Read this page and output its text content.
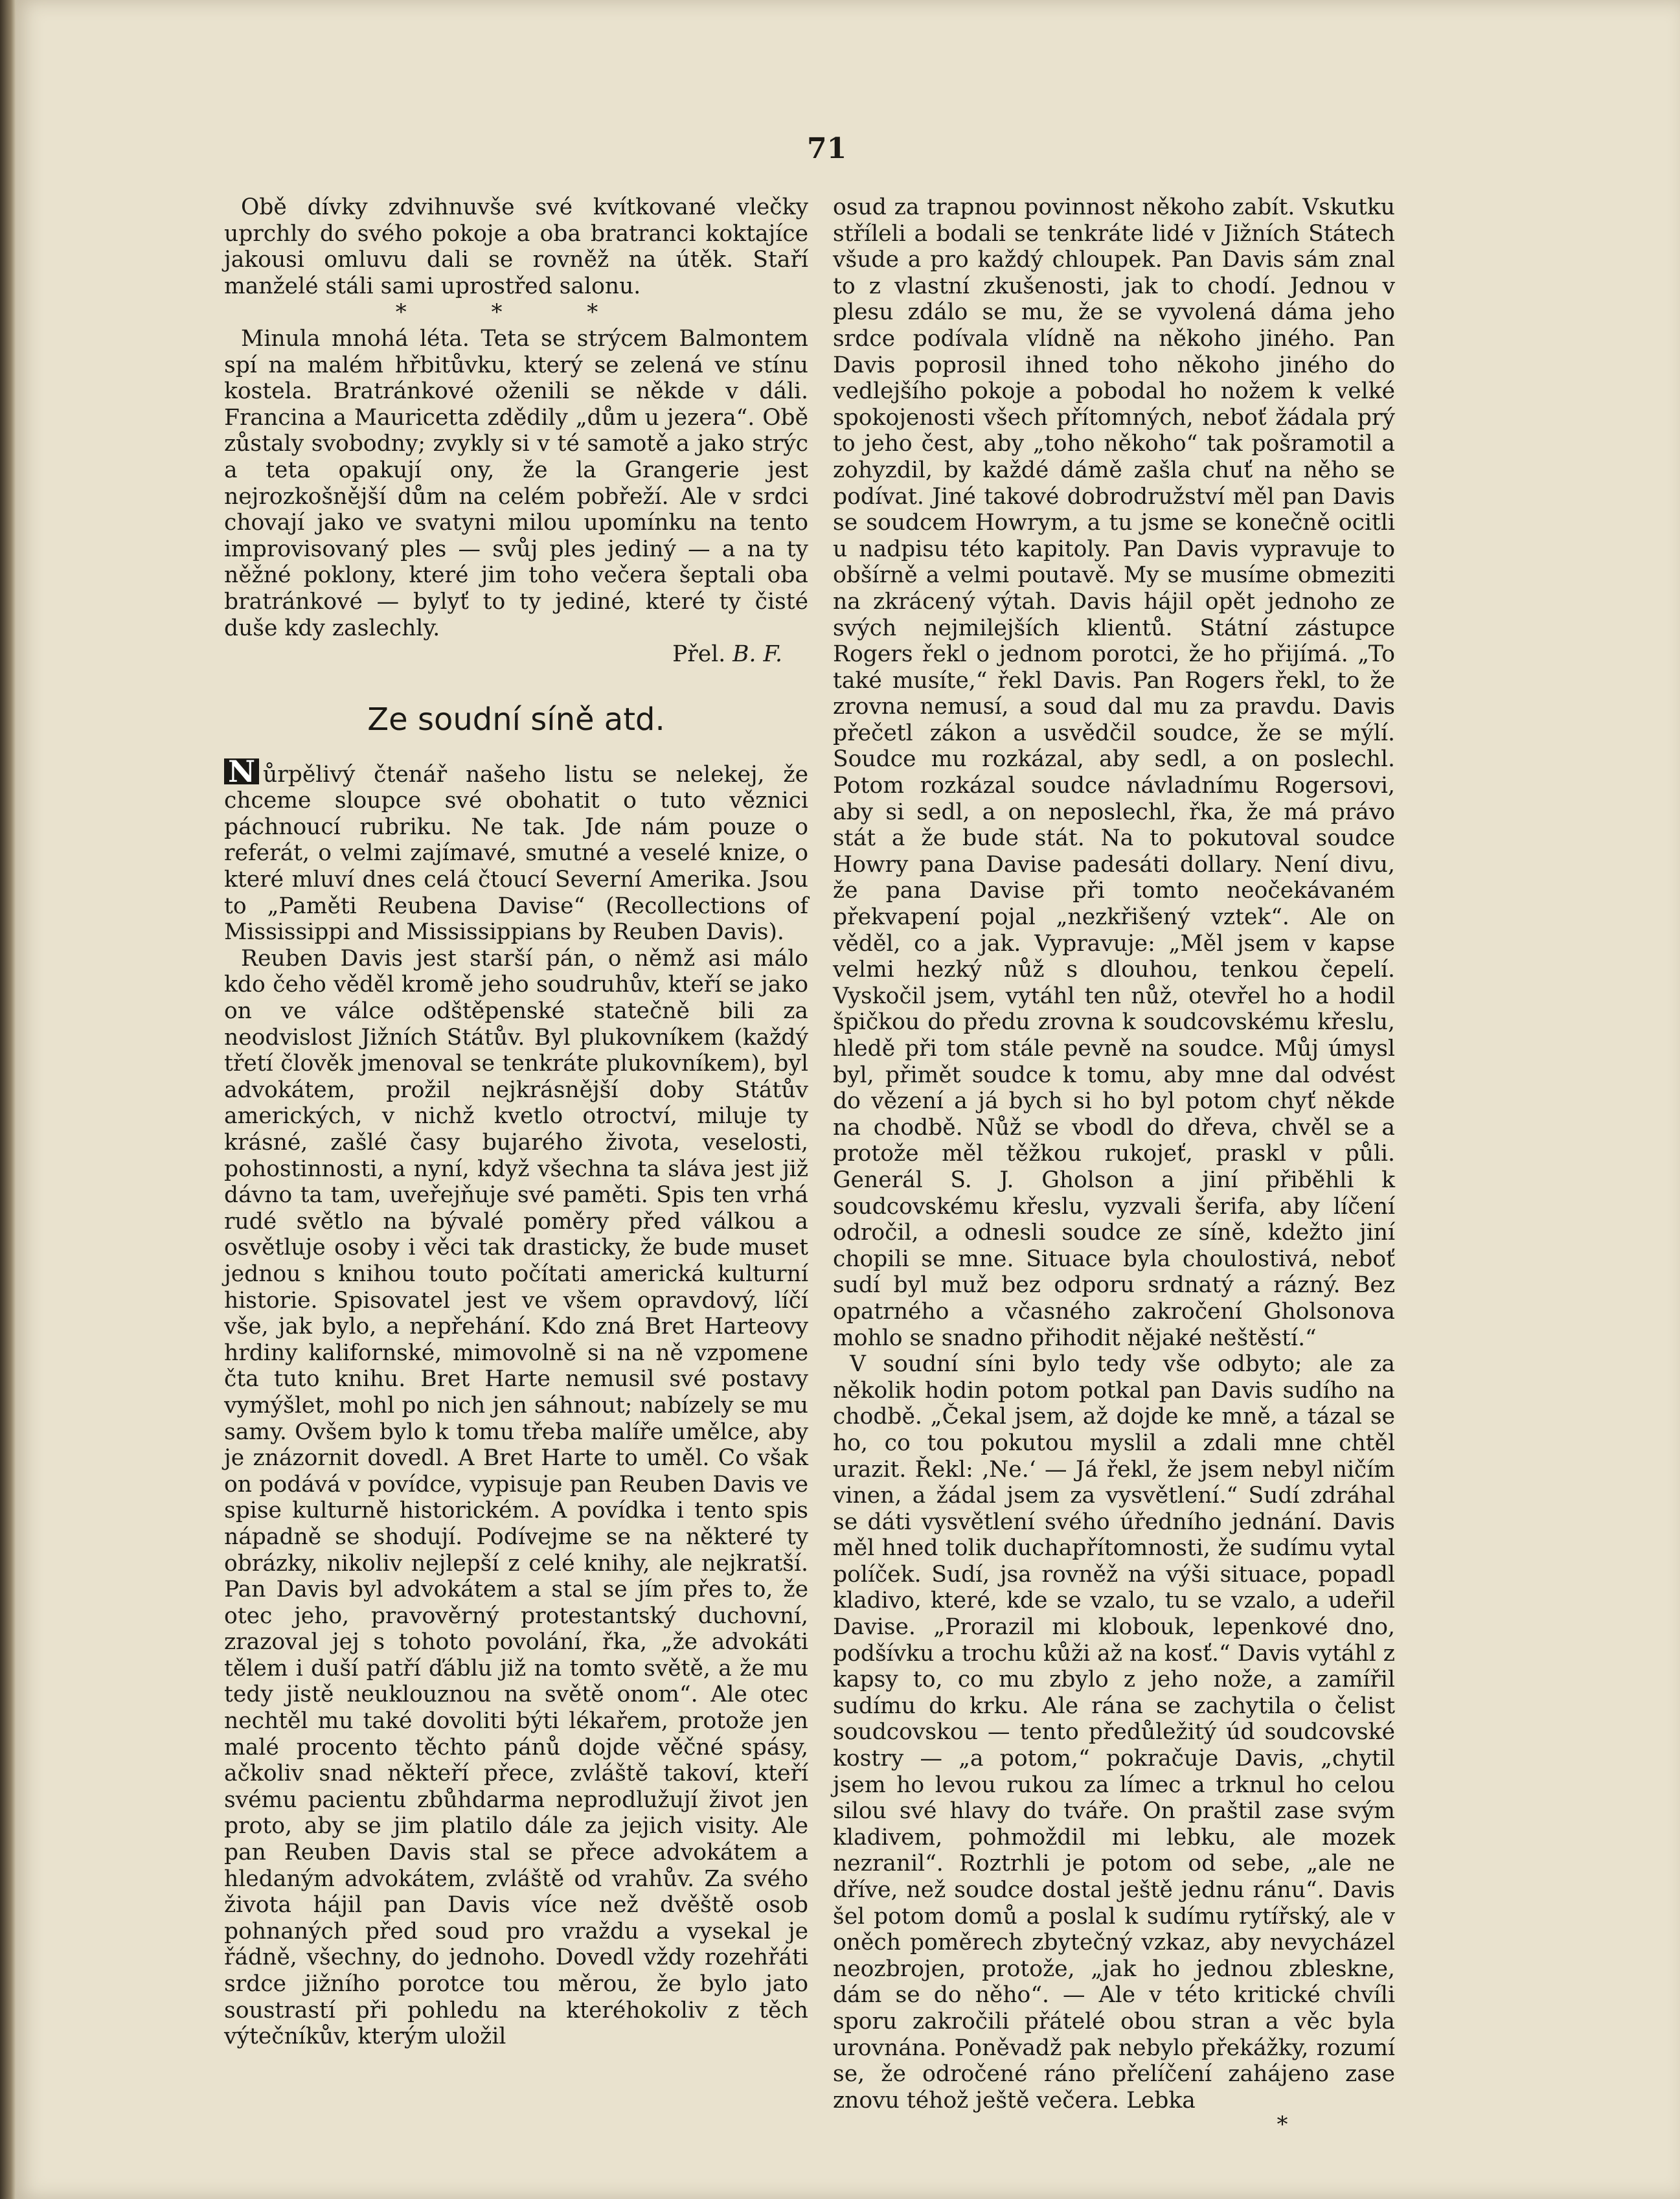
71

Obě dívky zdvihnuvše své kvítkované vlečky uprchly do svého pokoje a oba bratranci koktajíce jakousi omluvu dali se rovněž na útěk. Staří manželé stáli sami uprostřed salonu.

* * *

Minula mnohá léta. Teta se strýcem Balmontem spí na malém hřbitůvku, který se zelená ve stínu kostela. Bratránkové oženili se někde v dáli. Francina a Mauricetta zdědily „dům u jezera“. Obě zůstaly svobodny; zvykly si v té samotě a jako strýc a teta opakují ony, že la Grangerie jest nejrozkošnější dům na celém pobřeží. Ale v srdci chovají jako ve svatyni milou upomínku na tento improvisovaný ples — svůj ples jediný — a na ty něžné poklony, které jim toho večera šeptali oba bratránkové — bylyť to ty jediné, které ty čisté duše kdy zaslechly.

Přel. B. F.

Ze soudní síně atd.

N ůrpělivý čtenář našeho listu se nelekej, že chceme sloupce své obohatit o tuto věznici páchnoucí rubriku. Ne tak. Jde nám pouze o referát, o velmi zajímavé, smutné a veselé knize, o které mluví dnes celá čtoucí Severní Amerika. Jsou to „Paměti Reubena Davise“ (Recollections of Mississippi and Mississippians by Reuben Davis).

Reuben Davis jest starší pán, o němž asi málo kdo čeho věděl kromě jeho soudruhův, kteří se jako on ve válce odštěpenské statečně bili za neodvislost Jižních Státův. Byl plukovníkem (každý třetí člověk jmenoval se tenkráte plukovníkem), byl advokátem, prožil nejkrásnější doby Státův amerických, v nichž kvetlo otroctví, miluje ty krásné, zašlé časy bujarého života, veselosti, pohostinnosti, a nyní, když všechna ta sláva jest již dávno ta tam, uveřejňuje své paměti. Spis ten vrhá rudé světlo na bývalé poměry před válkou a osvětluje osoby i věci tak drasticky, že bude muset jednou s knihou touto počítati americká kulturní historie. Spisovatel jest ve všem opravdový, líčí vše, jak bylo, a nepřehání. Kdo zná Bret Harteovy hrdiny kalifornské, mimovolně si na ně vzpomene čta tuto knihu. Bret Harte nemusil své postavy vymýšlet, mohl po nich jen sáhnout; nabízely se mu samy. Ovšem bylo k tomu třeba malíře umělce, aby je znázornit dovedl. A Bret Harte to uměl. Co však on podává v povídce, vypisuje pan Reuben Davis ve spise kulturně historickém. A povídka i tento spis nápadně se shodují. Podívejme se na některé ty obrázky, nikoliv nejlepší z celé knihy, ale nejkratší. Pan Davis byl advokátem a stal se jím přes to, že otec jeho, pravověrný protestantský duchovní, zrazoval jej s tohoto povolání, řka, „že advokáti tělem i duší patří ďáblu již na tomto světě, a že mu tedy jistě neuklouznou na světě onom“. Ale otec nechtěl mu také dovoliti býti lékařem, protože jen malé procento těchto pánů dojde věčné spásy, ačkoliv snad někteří přece, zvláště takoví, kteří svému pacientu zbůhdarma neprodlužují život jen proto, aby se jim platilo dále za jejich visity. Ale pan Reuben Davis stal se přece advokátem a hledaným advokátem, zvláště od vrahův. Za svého života hájil pan Davis více než dvěště osob pohnaných před soud pro vraždu a vysekal je řádně, všechny, do jednoho. Dovedl vždy rozehřáti srdce jižního porotce tou měrou, že bylo jato soustrastí při pohledu na kteréhokoliv z těch výtečníkův, kterým uložil

osud za trapnou povinnost někoho zabít. Vskutku stříleli a bodali se tenkráte lidé v Jižních Státech všude a pro každý chloupek. Pan Davis sám znal to z vlastní zkušenosti, jak to chodí. Jednou v plesu zdálo se mu, že se vyvolená dáma jeho srdce podívala vlídně na někoho jiného. Pan Davis poprosil ihned toho někoho jiného do vedlejšího pokoje a pobodal ho nožem k velké spokojenosti všech přítomných, neboť žádala prý to jeho čest, aby „toho někoho“ tak pošramotil a zohyzdil, by každé dámě zašla chuť na něho se podívat. Jiné takové dobrodružství měl pan Davis se soudcem Howrym, a tu jsme se konečně ocitli u nadpisu této kapitoly. Pan Davis vypravuje to obšírně a velmi poutavě. My se musíme obmeziti na zkrácený výtah. Davis hájil opět jednoho ze svých nejmilejších klientů. Státní zástupce Rogers řekl o jednom porotci, že ho přijímá. „To také musíte,“ řekl Davis. Pan Rogers řekl, to že zrovna nemusí, a soud dal mu za pravdu. Davis přečetl zákon a usvědčil soudce, že se mýlí. Soudce mu rozkázal, aby sedl, a on poslechl. Potom rozkázal soudce návladnímu Rogersovi, aby si sedl, a on neposlechl, řka, že má právo stát a že bude stát. Na to pokutoval soudce Howry pana Davise padesáti dollary. Není divu, že pana Davise při tomto neočekávaném překvapení pojal „nezkřišený vztek“. Ale on věděl, co a jak. Vypravuje: „Měl jsem v kapse velmi hezký nůž s dlouhou, tenkou čepelí. Vyskočil jsem, vytáhl ten nůž, otevřel ho a hodil špičkou do předu zrovna k soudcovskému křeslu, hledě při tom stále pevně na soudce. Můj úmysl byl, přimět soudce k tomu, aby mne dal odvést do vězení a já bych si ho byl potom chyť někde na chodbě. Nůž se vbodl do dřeva, chvěl se a protože měl těžkou rukojeť, praskl v půli. Generál S. J. Gholson a jiní přiběhli k soudcovskému křeslu, vyzvali šerifa, aby líčení odročil, a odnesli soudce ze síně, kdežto jiní chopili se mne. Situace byla choulostivá, neboť sudí byl muž bez odporu srdnatý a rázný. Bez opatrného a včasného zakročení Gholsonova mohlo se snadno přihodit nějaké neštěstí.“

V soudní síni bylo tedy vše odbyto; ale za několik hodin potom potkal pan Davis sudího na chodbě. „Čekal jsem, až dojde ke mně, a tázal se ho, co tou pokutou myslil a zdali mne chtěl urazit. Řekl: ‚Ne.‘ — Já řekl, že jsem nebyl ničím vinen, a žádal jsem za vysvětlení.“ Sudí zdráhal se dáti vysvětlení svého úředního jednání. Davis měl hned tolik duchapřítomnosti, že sudímu vytal políček. Sudí, jsa rovněž na výši situace, popadl kladivo, které, kde se vzalo, tu se vzalo, a udeřil Davise. „Prorazil mi klobouk, lepenkové dno, podšívku a trochu kůži až na kosť.“ Davis vytáhl z kapsy to, co mu zbylo z jeho nože, a zamířil sudímu do krku. Ale rána se zachytila o čelist soudcovskou — tento předůležitý úd soudcovské kostry — „a potom,“ pokračuje Davis, „chytil jsem ho levou rukou za límec a trknul ho celou silou své hlavy do tváře. On praštil zase svým kladivem, pohmoždil mi lebku, ale mozek nezranil“. Roztrhli je potom od sebe, „ale ne dříve, než soudce dostal ještě jednu ránu“. Davis šel potom domů a poslal k sudímu rytířský, ale v oněch poměrech zbytečný vzkaz, aby nevycházel neozbrojen, protože, „jak ho jednou zbleskne, dám se do něho“. — Ale v této kritické chvíli sporu zakročili přátelé obou stran a věc byla urovnána. Poněvadž pak nebylo překážky, rozumí se, že odročené ráno přelíčení zahájeno zase znovu téhož ještě večera. Lebka

*
